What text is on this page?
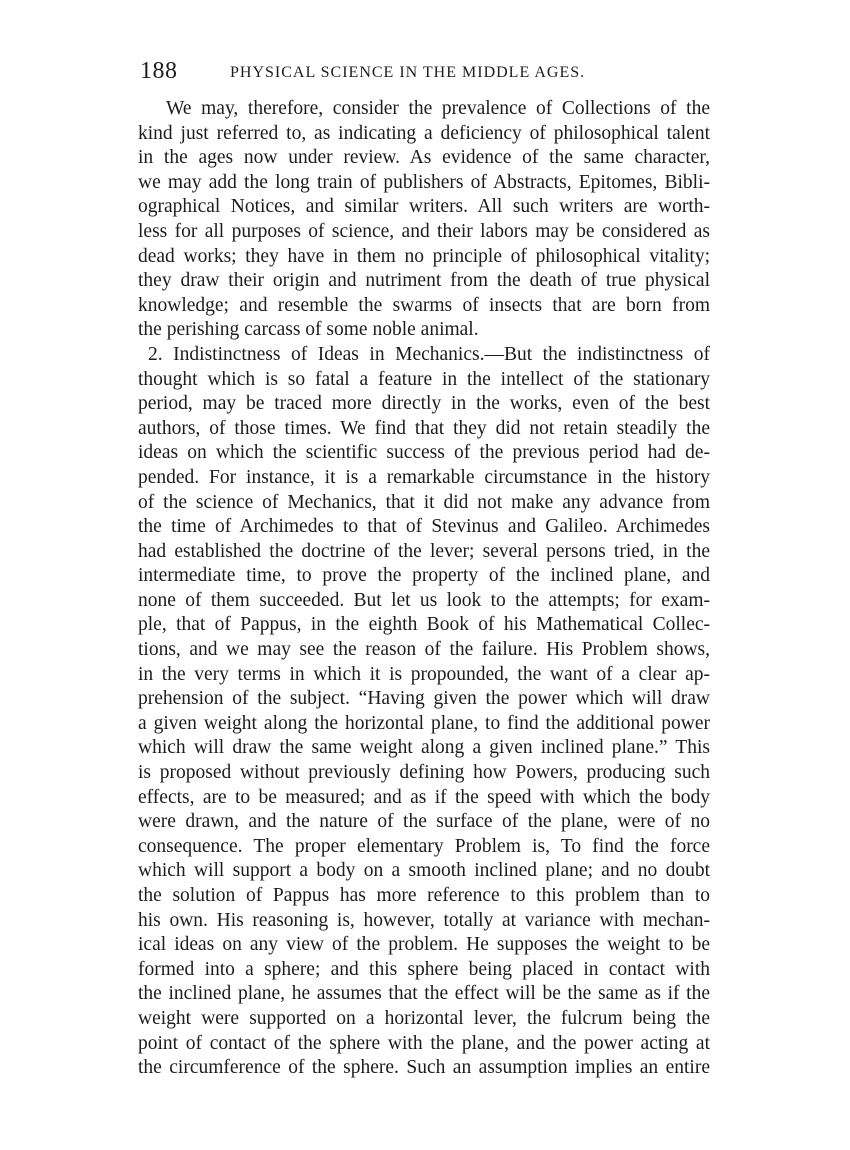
188	PHYSICAL SCIENCE IN THE MIDDLE AGES.
We may, therefore, consider the prevalence of Collections of the
kind just referred to, as indicating a deficiency of philosophical talent
in the ages now under review. As evidence of the same character,
we may add the long train of publishers of Abstracts, Epitomes, Bibli-
ographical Notices, and similar writers. All such writers are worth-
less for all purposes of science, and their labors may be considered as
dead works; they have in them no principle of philosophical vitality;
they draw their origin and nutriment from the death of true physical
knowledge; and resemble the swarms of insects that are born from
the perishing carcass of some noble animal.
2. Indistinctness of Ideas in Mechanics.—But the indistinctness of
thought which is so fatal a feature in the intellect of the stationary
period, may be traced more directly in the works, even of the best
authors, of those times. We find that they did not retain steadily the
ideas on which the scientific success of the previous period had de-
pended. For instance, it is a remarkable circumstance in the history
of the science of Mechanics, that it did not make any advance from
the time of Archimedes to that of Stevinus and Galileo. Archimedes
had established the doctrine of the lever; several persons tried, in the
intermediate time, to prove the property of the inclined plane, and
none of them succeeded. But let us look to the attempts; for exam-
ple, that of Pappus, in the eighth Book of his Mathematical Collec-
tions, and we may see the reason of the failure. His Problem shows,
in the very terms in which it is propounded, the want of a clear ap-
prehension of the subject. “Having given the power which will draw
a given weight along the horizontal plane, to find the additional power
which will draw the same weight along a given inclined plane.” This
is proposed without previously defining how Powers, producing such
effects, are to be measured; and as if the speed with which the body
were drawn, and the nature of the surface of the plane, were of no
consequence. The proper elementary Problem is, To find the force
which will support a body on a smooth inclined plane; and no doubt
the solution of Pappus has more reference to this problem than to
his own. His reasoning is, however, totally at variance with mechan-
ical ideas on any view of the problem. He supposes the weight to be
formed into a sphere; and this sphere being placed in contact with
the inclined plane, he assumes that the effect will be the same as if the
weight were supported on a horizontal lever, the fulcrum being the
point of contact of the sphere with the plane, and the power acting at
the circumference of the sphere. Such an assumption implies an entire
